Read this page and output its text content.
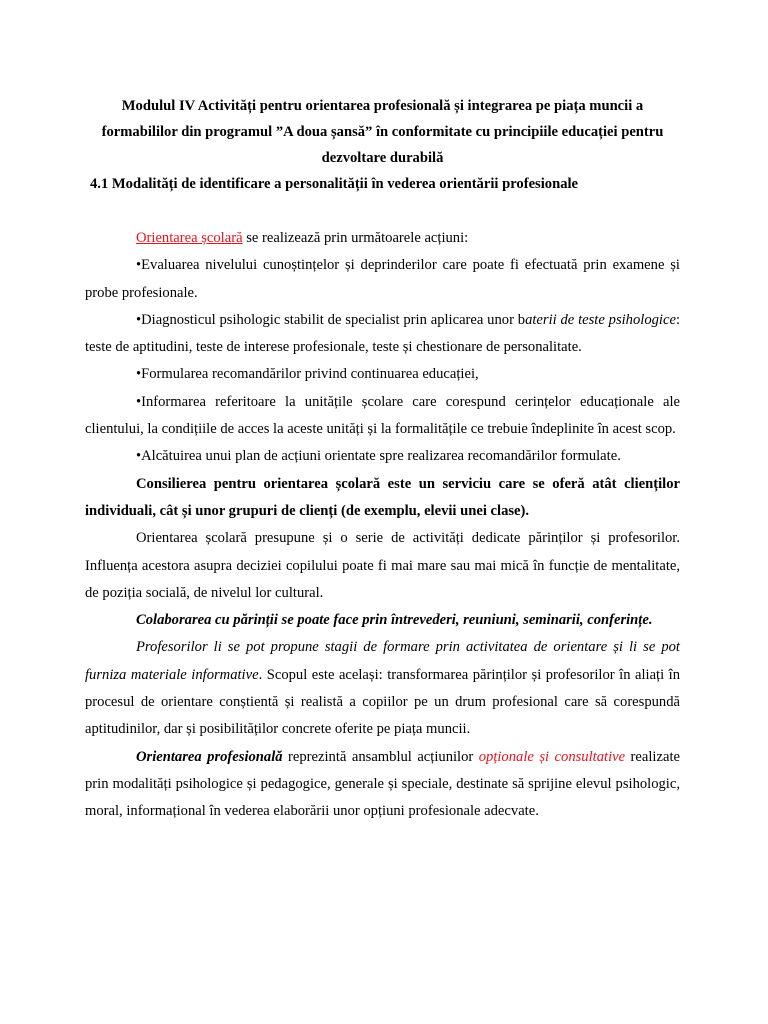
Modulul IV Activități pentru orientarea profesională și integrarea pe piața muncii a
formabililor din programul ”A doua șansă” în conformitate cu principiile educației pentru
dezvoltare durabilă

4.1 Modalități de identificare a personalității în vederea orientării profesionale

Orientarea școlară se realizează prin următoarele acțiuni:

•Evaluarea nivelului cunoștințelor și deprinderilor care poate fi efectuată prin examene și probe profesionale.

•Diagnosticul psihologic stabilit de specialist prin aplicarea unor baterii de teste psihologice: teste de aptitudini, teste de interese profesionale, teste și chestionare de personalitate.

•Formularea recomandărilor privind continuarea educației,

•Informarea referitoare la unitățile școlare care corespund cerințelor educaționale ale clientului, la condițiile de acces la aceste unități și la formalitățile ce trebuie îndeplinite în acest scop.

•Alcătuirea unui plan de acțiuni orientate spre realizarea recomandărilor formulate.

Consilierea pentru orientarea școlară este un serviciu care se oferă atât clienților individuali, cât și unor grupuri de clienți (de exemplu, elevii unei clase).

Orientarea școlară presupune și o serie de activități dedicate părinților și profesorilor. Influența acestora asupra deciziei copilului poate fi mai mare sau mai mică în funcție de mentalitate, de poziția socială, de nivelul lor cultural.

Colaborarea cu părinții se poate face prin întrevederi, reuniuni, seminarii, conferințe.

Profesorilor li se pot propune stagii de formare prin activitatea de orientare și li se pot furniza materiale informative. Scopul este același: transformarea părinților și profesorilor în aliați în procesul de orientare conștientă și realistă a copiilor pe un drum profesional care să corespundă aptitudinilor, dar și posibilităților concrete oferite pe piața muncii.

Orientarea profesională reprezintă ansamblul acțiunilor opționale și consultative realizate prin modalități psihologice și pedagogice, generale și speciale, destinate să sprijine elevul psihologic, moral, informațional în vederea elaborării unor opțiuni profesionale adecvate.
